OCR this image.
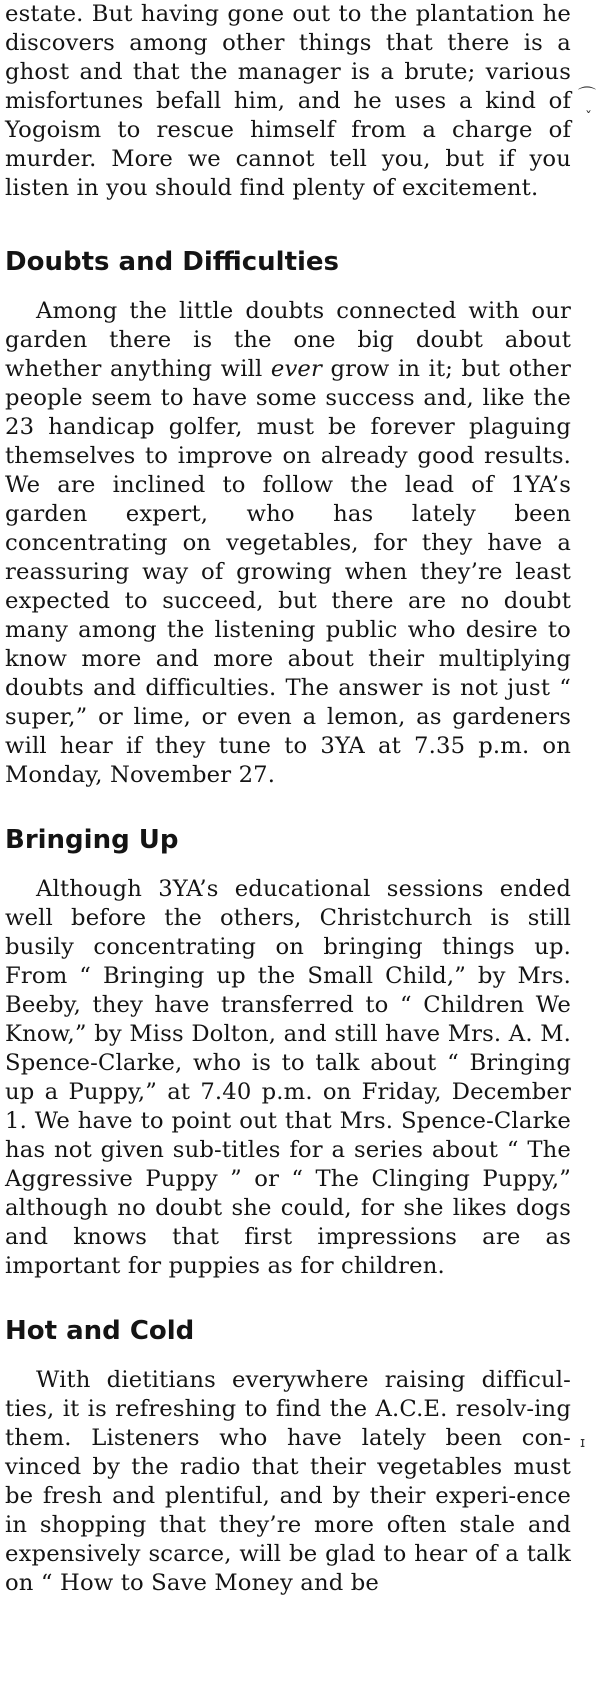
estate. But having gone out to the plantation he discovers among other things that there is a ghost and that the manager is a brute; various misfortunes befall him, and he uses a kind of Yogoism to rescue himself from a charge of murder. More we cannot tell you, but if you listen in you should find plenty of excitement.

Doubts and Difficulties

Among the little doubts connected with our garden there is the one big doubt about whether anything will ever grow in it; but other people seem to have some success and, like the 23 handicap golfer, must be forever plaguing themselves to improve on already good results. We are inclined to follow the lead of 1YA’s garden expert, who has lately been concentrating on vegetables, for they have a reassuring way of growing when they’re least expected to succeed, but there are no doubt many among the listening public who desire to know more and more about their multiplying doubts and difficulties. The answer is not just “ super,” or lime, or even a lemon, as gardeners will hear if they tune to 3YA at 7.35 p.m. on Monday, November 27.

Bringing Up

Although 3YA’s educational sessions ended well before the others, Christchurch is still busily concentrating on bringing things up. From “ Bringing up the Small Child,” by Mrs. Beeby, they have transferred to “ Children We Know,” by Miss Dolton, and still have Mrs. A. M. Spence-Clarke, who is to talk about “ Bringing up a Puppy,” at 7.40 p.m. on Friday, December 1. We have to point out that Mrs. Spence-Clarke has not given sub-titles for a series about “ The Aggressive Puppy ” or “ The Clinging Puppy,” although no doubt she could, for she likes dogs and knows that first impressions are as important for puppies as for children.

Hot and Cold

With dietitians everywhere raising difficul-ties, it is refreshing to find the A.C.E. resolv-ing them. Listeners who have lately been con-vinced by the radio that their vegetables must be fresh and plentiful, and by their experi-ence in shopping that they’re more often stale and expensively scarce, will be glad to hear of a talk on “ How to Save Money and be

⌒
ˇ
ɪ
